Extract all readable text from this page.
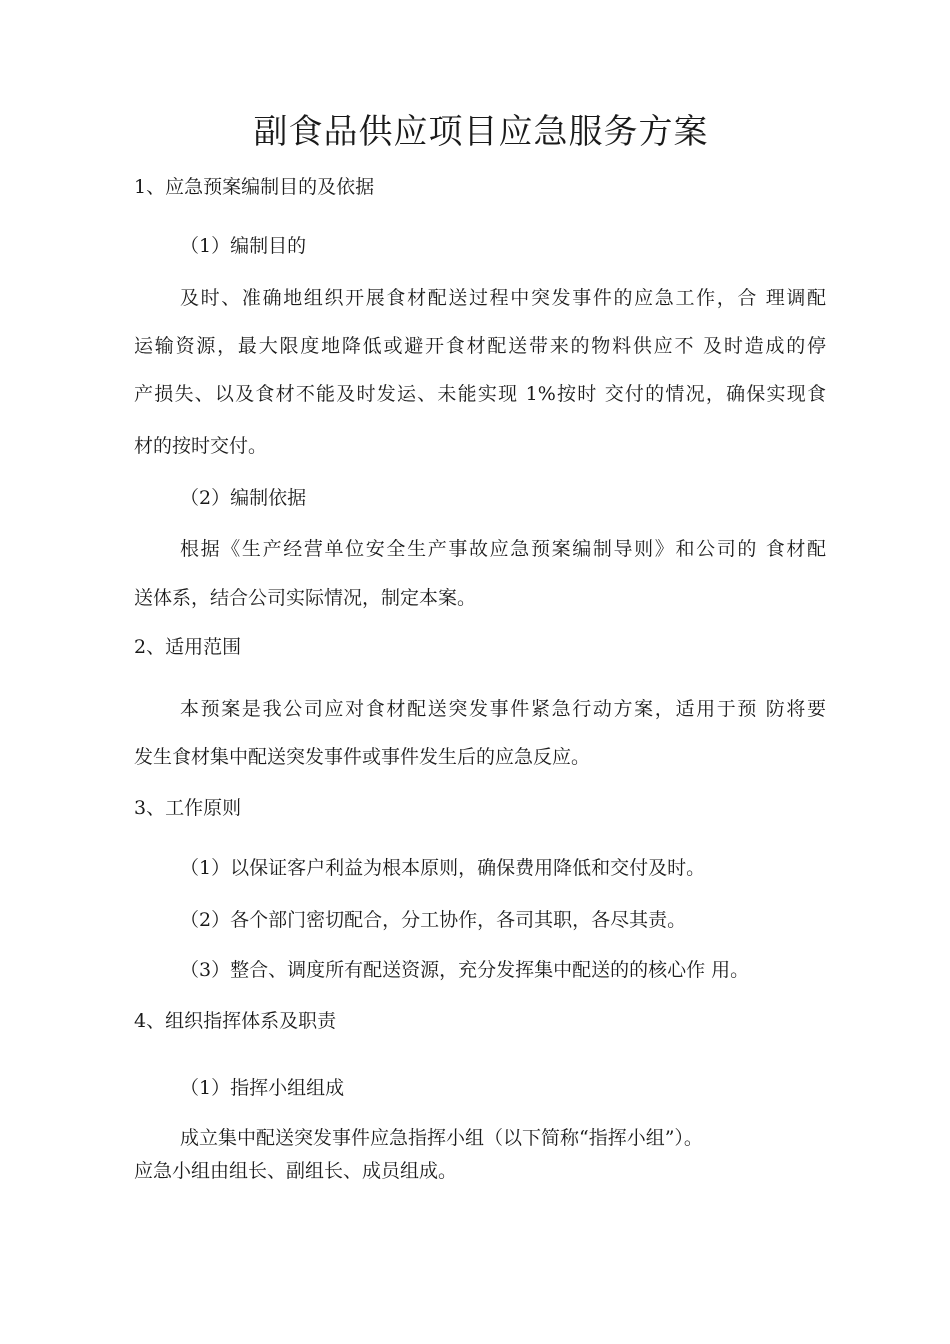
副食品供应项目应急服务方案
1、应急预案编制目的及依据
（1）编制目的
及时、准确地组织开展食材配送过程中突发事件的应急工作，合 理调配
运输资源，最大限度地降低或避开食材配送带来的物料供应不 及时造成的停
产损失、以及食材不能及时发运、未能实现 1%按时 交付的情况，确保实现食
材的按时交付。
（2）编制依据
根据《生产经营单位安全生产事故应急预案编制导则》和公司的 食材配
送体系，结合公司实际情况，制定本案。
2、适用范围
本预案是我公司应对食材配送突发事件紧急行动方案，适用于预 防将要
发生食材集中配送突发事件或事件发生后的应急反应。
3、工作原则
（1）以保证客户利益为根本原则，确保费用降低和交付及时。
（2）各个部门密切配合，分工协作，各司其职，各尽其责。
（3）整合、调度所有配送资源，充分发挥集中配送的的核心作 用。
4、组织指挥体系及职责
（1）指挥小组组成
成立集中配送突发事件应急指挥小组（以下简称“指挥小组”）。
应急小组由组长、副组长、成员组成。
